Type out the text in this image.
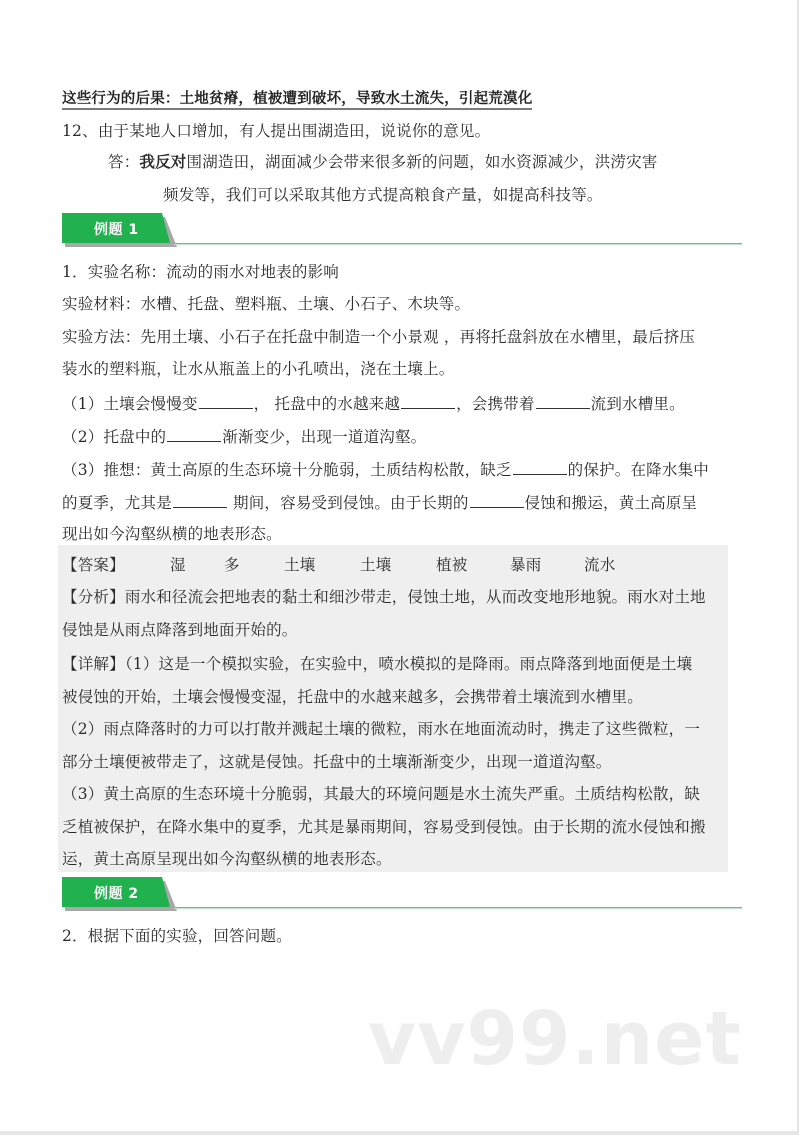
这些行为的后果：土地贫瘠，植被遭到破坏，导致水土流失，引起荒漠化
12、由于某地人口增加，有人提出围湖造田，说说你的意见。
答：我反对围湖造田，湖面减少会带来很多新的问题，如水资源减少，洪涝灾害
频发等，我们可以采取其他方式提高粮食产量，如提高科技等。
例题 1
1．实验名称：流动的雨水对地表的影响
实验材料：水槽、托盘、塑料瓶、土壤、小石子、木块等。
实验方法：先用土壤、小石子在托盘中制造一个小景观 ，再将托盘斜放在水槽里，最后挤压
装水的塑料瓶，让水从瓶盖上的小孔喷出，浇在土壤上。
（1）土壤会慢慢变	， 托盘中的水越来越	，会携带着	流到水槽里。
（2）托盘中的	渐渐变少，出现一道道沟壑。
（3）推想：黄土高原的生态环境十分脆弱，土质结构松散，缺乏	的保护。在降水集中
的夏季，尤其是	期间，容易受到侵蚀。由于长期的	侵蚀和搬运，黄土高原呈
现出如今沟壑纵横的地表形态。
【答案】	湿 多	土壤	土壤	植被	暴雨	流水
【分析】雨水和径流会把地表的黏土和细沙带走，侵蚀土地，从而改变地形地貌。雨水对土地
侵蚀是从雨点降落到地面开始的。
【详解】（1）这是一个模拟实验，在实验中，喷水模拟的是降雨。雨点降落到地面便是土壤
被侵蚀的开始，土壤会慢慢变湿，托盘中的水越来越多，会携带着土壤流到水槽里。
（2）雨点降落时的力可以打散并溅起土壤的微粒，雨水在地面流动时，携走了这些微粒，一
部分土壤便被带走了，这就是侵蚀。托盘中的土壤渐渐变少，出现一道道沟壑。
（3）黄土高原的生态环境十分脆弱，其最大的环境问题是水土流失严重。土质结构松散，缺
乏植被保护，在降水集中的夏季，尤其是暴雨期间，容易受到侵蚀。由于长期的流水侵蚀和搬
运，黄土高原呈现出如今沟壑纵横的地表形态。
例题 2
2．根据下面的实验，回答问题。
vv99.net
